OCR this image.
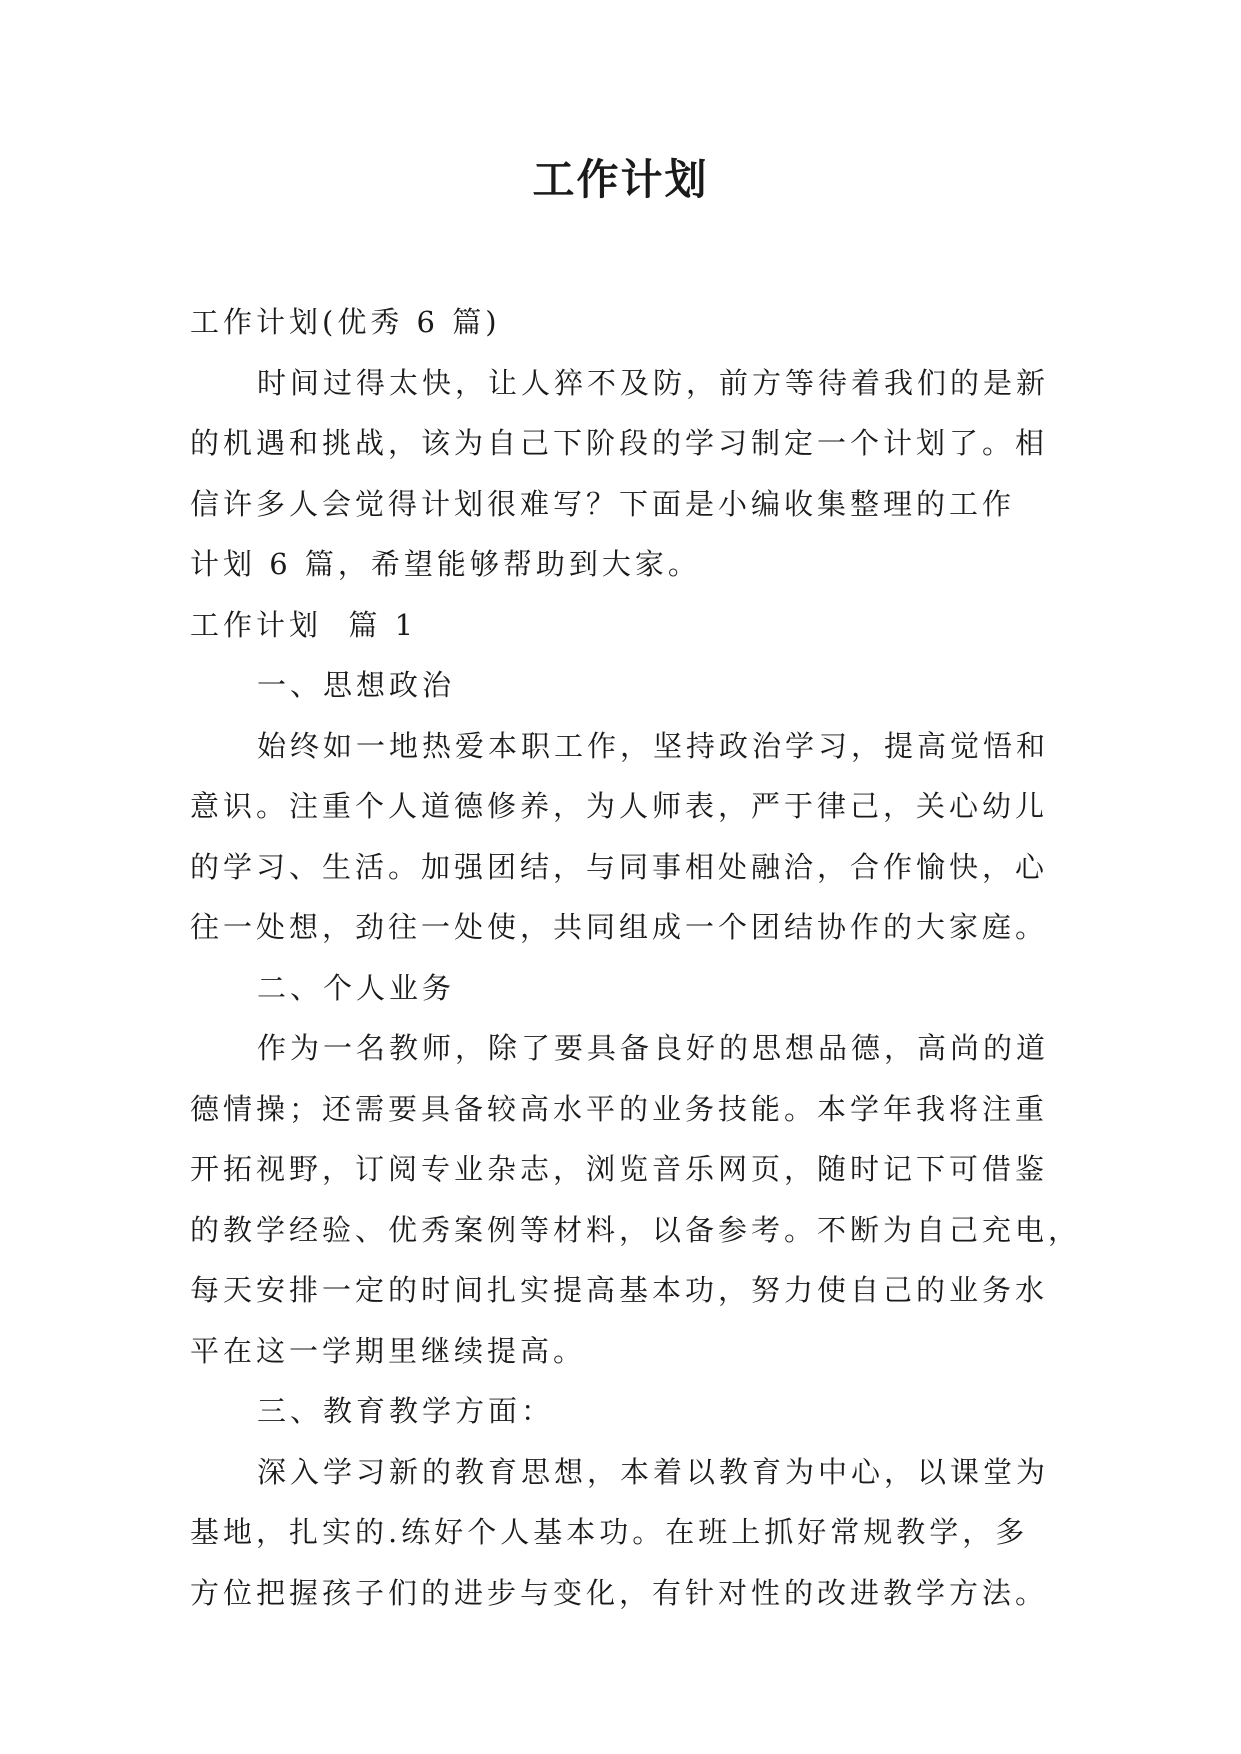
工作计划

工作计划(优秀 6 篇)

时间过得太快，让人猝不及防，前方等待着我们的是新

的机遇和挑战，该为自己下阶段的学习制定一个计划了。相

信许多人会觉得计划很难写？下面是小编收集整理的工作

计划 6 篇，希望能够帮助到大家。

工作计划  篇 1

一、思想政治

始终如一地热爱本职工作，坚持政治学习，提高觉悟和

意识。注重个人道德修养，为人师表，严于律己，关心幼儿

的学习、生活。加强团结，与同事相处融洽，合作愉快，心

往一处想，劲往一处使，共同组成一个团结协作的大家庭。

二、个人业务

作为一名教师，除了要具备良好的思想品德，高尚的道

德情操；还需要具备较高水平的业务技能。本学年我将注重

开拓视野，订阅专业杂志，浏览音乐网页，随时记下可借鉴

的教学经验、优秀案例等材料，以备参考。不断为自己充电，

每天安排一定的时间扎实提高基本功，努力使自己的业务水

平在这一学期里继续提高。

三、教育教学方面：

深入学习新的教育思想，本着以教育为中心，以课堂为

基地，扎实的.练好个人基本功。在班上抓好常规教学，多

方位把握孩子们的进步与变化，有针对性的改进教学方法。
